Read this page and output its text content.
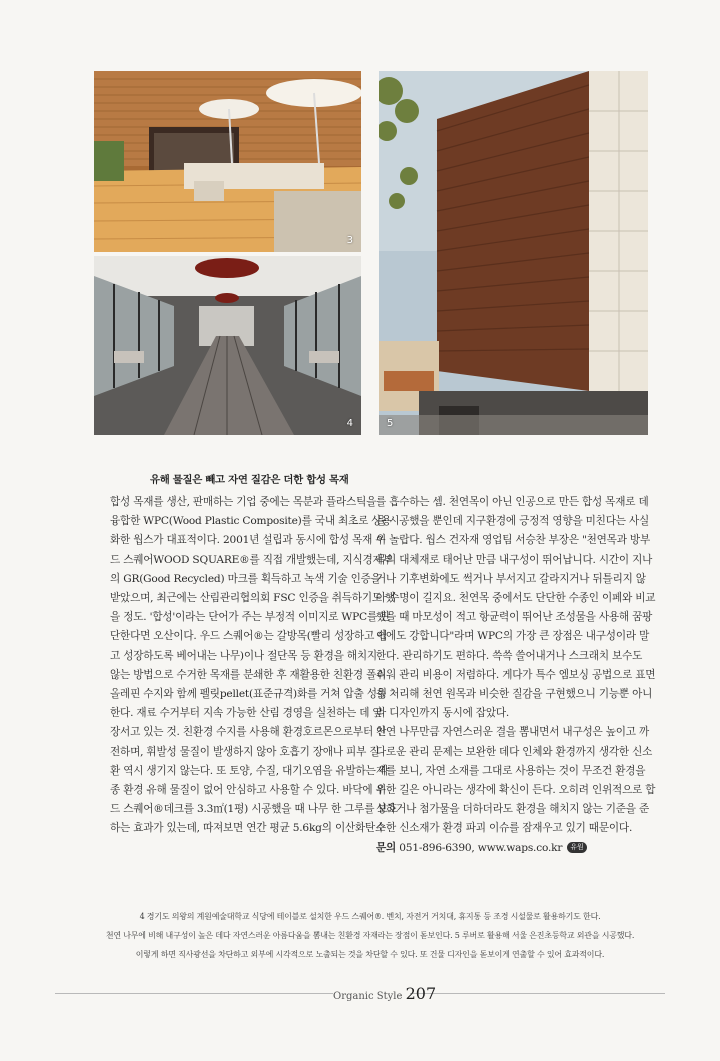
3
4	5
유해 물질은 빼고 자연 질감은 더한 합성 목재

합성 목재를 생산, 판매하는 기업 중에는 목분과 플라스틱을

융합한 WPC(Wood Plastic Composite)를 국내 최초로 상용

화한 웝스가 대표적이다. 2001년 설립과 동시에 합성 목재 우

드 스퀘어WOOD SQUARE®를 직접 개발했는데, 지식경제부

의 GR(Good Recycled) 마크를 획득하고 녹색 기술 인증을

받았으며, 최근에는 산림관리협의회 FSC 인증을 취득하기도 했

을 정도. '합성'이라는 단어가 주는 부정적 이미지로 WPC를 판

단한다면 오산이다. 우드 스퀘어®는 갈방목(빨리 성장하고 쉽

고 성장하도록 베어내는 나무)이나 절단목 등 환경을 해치지

않는 방법으로 수거한 목재를 분쇄한 후 재활용한 친환경 폴리

올레핀 수지와 함께 펠릿pellet(표준규격)화를 거쳐 압출 성형

한다. 재료 수거부터 지속 가능한 산림 경영을 실천하는 데 앞

장서고 있는 것. 친환경 수지를 사용해 환경호르몬으로부터 안

전하며, 휘발성 물질이 발생하지 않아 호흡기 장애나 피부 질

환 역시 생기지 않는다. 또 토양, 수질, 대기오염을 유발하는 각

종 환경 유해 물질이 없어 안심하고 사용할 수 있다. 바닥에 우

드 스퀘어®데크를 3.3㎡(1평) 시공했을 때 나무 한 그루를 보호

하는 효과가 있는데, 따져보면 연간 평균 5.6kg의 이산화탄소

를 흡수하는 셈. 천연목이 아닌 인공으로 만든 합성 목재로 데

을 시공했을 뿐인데 지구환경에 긍정적 영향을 미친다는 사실

이 놀랍다. 웝스 건자재 영업팀 서승찬 부장은 "천연목과 방부

목의 대체재로 태어난 만큼 내구성이 뛰어납니다. 시간이 지나

거나 기후변화에도 썩거나 부서지고 갈라지거나 뒤틀리지 않

아 수명이 길지요. 천연목 중에서도 단단한 수종인 이페와 비교

했을 때 마모성이 적고 항균력이 뛰어난 조성물을 사용해 꿈팡

이에도 강합니다"라며 WPC의 가장 큰 장점은 내구성이라 말

한다. 관리하기도 편하다. 쓱쓱 쓸어내거나 스크래치 보수도

쉬워 관리 비용이 저렴하다. 게다가 특수 엠보싱 공법으로 표면

을 처리해 천연 원목과 비슷한 질감을 구현했으니 기능뿐 아니

라 디자인까지 동시에 잡았다.

천연 나무만큼 자연스러운 결을 뽐내면서 내구성은 높이고 까

다로운 관리 문제는 보완한 데다 인체와 환경까지 생각한 신소

재를 보니, 자연 소재를 그대로 사용하는 것이 무조건 환경을

위한 길은 아니라는 생각에 확신이 든다. 오히려 인위적으로 합

성하거나 첨가물을 더하더라도 환경을 해치지 않는 기준을 준

수한 신소재가 환경 파괴 이슈를 잠재우고 있기 때문이다.

문의 051-896-6390, www.waps.co.kr 유원

4 경기도 의왕의 계원예술대학교 식당에 테이블로 설치한 우드 스퀘어®. 벤치, 자전거 거치대, 휴지통 등 조경 시설물로 활용하기도 한다.

천연 나무에 비해 내구성이 높은 데다 자연스러운 아름다움을 뽐내는 친환경 자재라는 장점이 돋보인다. 5 루버로 활용해 서울 은진초등학교 외관을 시공했다.

이렇게 하면 직사광선을 차단하고 외부에 시각적으로 노출되는 것을 차단할 수 있다. 또 건물 디자인을 돋보이게 연출할 수 있어 효과적이다.

Organic Style 207
